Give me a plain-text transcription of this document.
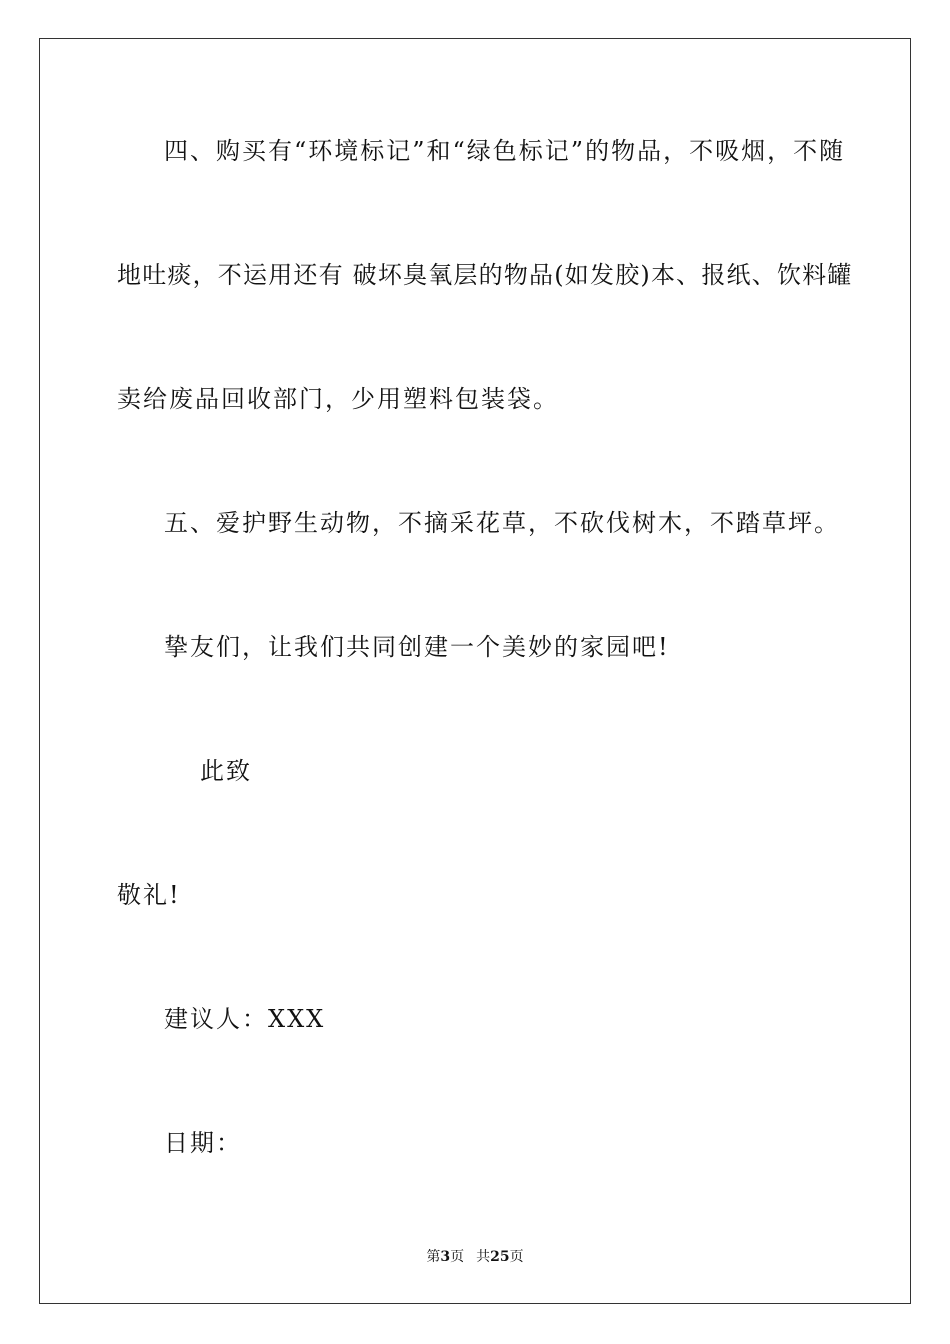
四、购买有“环境标记”和“绿色标记”的物品，不吸烟，不随
地吐痰，不运用还有 破坏臭氧层的物品(如发胶)本、报纸、饮料罐
卖给废品回收部门，少用塑料包装袋。
五、爱护野生动物，不摘采花草，不砍伐树木，不踏草坪。
挚友们，让我们共同创建一个美妙的家园吧!
此致
敬礼!
建议人：XXX
日期：
第3页 共25页
